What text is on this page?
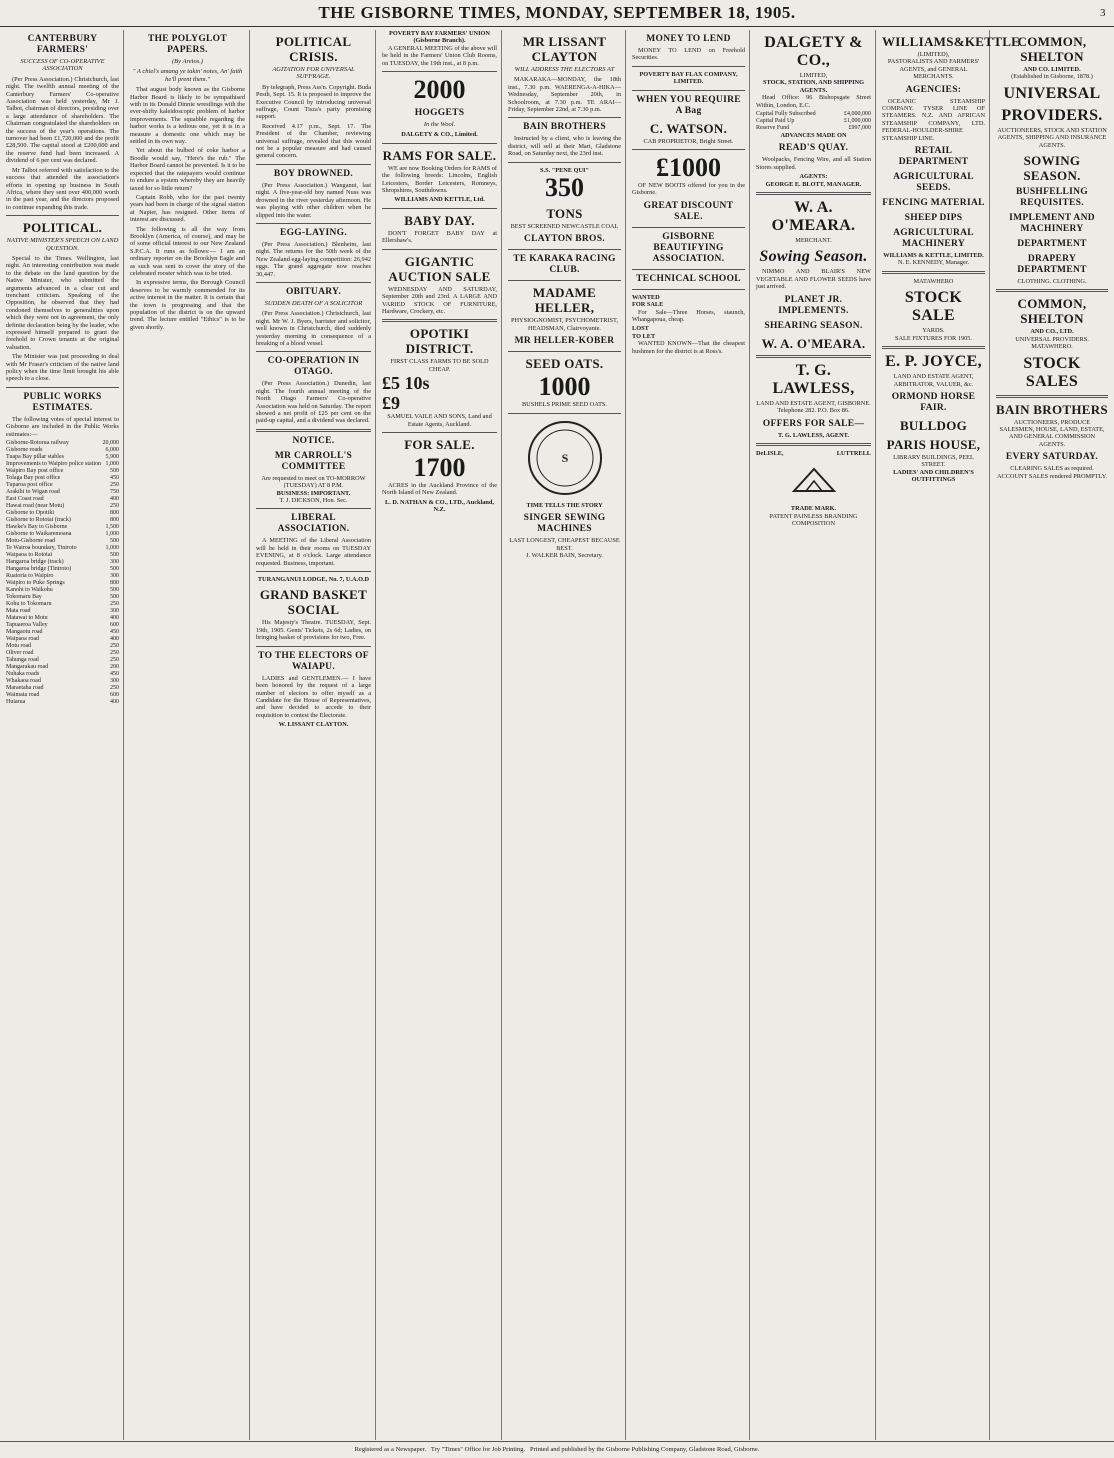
THE GISBORNE TIMES, MONDAY, SEPTEMBER 18, 1905.	3
CANTERBURY FARMERS'
SUCCESS OF CO-OPERATIVE ASSOCIATION

(Per Press Association.) Christchurch, last night. The twelfth annual meeting of the Canterbury Farmers' Co-operative Association was held yesterday, Mr J. Talbot, chairman of directors, presiding over a large attendance of shareholders. The Chairman congratulated the shareholders on the success of the year's operations. The turnover had been £1,720,000 and the profit £28,500. The capital stood at £200,000 and the reserve fund had been increased. A dividend of 6 per cent was declared.

Mr Talbot referred with satisfaction to the success that attended the association's efforts in opening up business in South Africa, where they sent over 400,000 worth in the past year, and the directors proposed to continue expanding this trade.

POLITICAL.
NATIVE MINISTER'S SPEECH ON LAND QUESTION.

Special to the Times. Wellington, last night. An interesting contribution was made to the debate on the land question by the Native Minister, who submitted the arguments advanced in a clear cut and trenchant criticism. Speaking of the Opposition, he observed that they had condoned themselves to generalities upon which they were not in agreement, the only definite declaration being by the leader, who expressed himself prepared to grant the freehold to Crown tenants at the original valuation.

The Minister was just proceeding to deal with Mr Fraser's criticism of the native land policy when the time limit brought his able speech to a close.

PUBLIC WORKS ESTIMATES.

The following votes of special interest to Gisborne are included in the Public Works estimates:—

Gisborne-Rotorua railway	20,000
Gisborne roads	6,000
Tuapa Bay pillar stables	5,900
Improvements to Waipiro police station	1,000
Waipiro Bay post office	500
Tolaga Bay post office	450
Tuparoa post office	250
Arakihi to Wigan road	750
East Coast road	400
Hawai road (near Motu)	250
Gisborne to Opotiki	800
Gisborne to Rototai (track)	800
Hawke's Bay to Gisborne	1,500
Gisborne to Waikaremoana	1,000
Motu-Gisborne road	500
Te Wairoa boundary, Tiniroto	1,000
Waipaoa to Rototai	500
Hangaroa bridge (track)	300
Hangaroa bridge (Tiniroto)	500
Ruatoria to Waipiro	300
Waipiro to Puke Springs	800
Kanohi to Waikohu	500
Tokomaru Bay	500
Kohu to Tokomaru	250
Mata road	300
Matawai to Motu	400
Tapuaeroa Valley	600
Mangaotu road	450
Waipaoa road	400
Motu road	250
Oliver road	250
Tahunga road	250
Mangarakau road	200
Nuhaka roads	450
Whakaoa road	300
Maraetaha road	250
Waimata road	600
Huiarua	400
THE POLYGLOT PAPERS.
(By Aretos.)
" A chiel's amang ye takin' notes, An' faith he'll prent them."

That august body known as the Gisborne Harbor Board is likely to be sympathised with in its Donald Dinnie wrestlings with the ever-shifty kaleidoscopic problem of harbor improvements. The squabble regarding the harbor works is a tedious one, yet it is in a measure a domestic one which may be settled in its own way.

Yet about the bulbed of coke harbor a Boodle would say, "Here's the rub." The Harbor Board cannot be prevented. Is it to be expected that the ratepayers would continue to endure a system whereby they are heavily taxed for so little return?

Captain Robb, who for the past twenty years had been in charge of the signal station at Napier, has resigned. Other items of interest are discussed.

The following is all the way from Brooklyn (America, of course), and may be of some official interest to our New Zealand S.P.C.A. It runs as follows:— I am an ordinary reporter on the Brooklyn Eagle and as such was sent to cover the story of the celebrated rooster which was to be tried.

In expressive terms, the Borough Council deserves to be warmly commended for its active interest in the matter. It is certain that the town is progressing and that the population of the district is on the upward trend. The lecture entitled "Ethics" is to be given shortly.

POLITICAL CRISIS.
AGITATION FOR UNIVERSAL SUFFRAGE.

By telegraph, Press Ass'n. Copyright. Buda Pesth, Sept. 15. It is proposed to improve the Executive Council by introducing universal suffrage, Count Tisza's party promising support.

Received 4.17 p.m., Sept. 17. The President of the Chamber, reviewing universal suffrage, revealed that this would not be a popular measure and had caused general concern.

BOY DROWNED.

(Per Press Association.) Wanganui, last night. A five-year-old boy named Nuss was drowned in the river yesterday afternoon. He was playing with other children when he slipped into the water.

EGG-LAYING.

(Per Press Association.) Blenheim, last night. The returns for the 50th week of the New Zealand egg-laying competition: 26,942 eggs. The grand aggregate now reaches 30,447.

OBITUARY.
SUDDEN DEATH OF A SOLICITOR

(Per Press Association.) Christchurch, last night. Mr W. J. Byers, barrister and solicitor, well known in Christchurch, died suddenly yesterday morning in consequence of a breaking of a blood vessel.

CO-OPERATION IN OTAGO.

(Per Press Association.) Dunedin, last night. The fourth annual meeting of the North Otago Farmers' Co-operative Association was held on Saturday. The report showed a net profit of £25 per cent on the paid-up capital, and a dividend was declared.

NOTICE.
MR CARROLL'S COMMITTEE
Are requested to meet on TO-MORROW (TUESDAY) AT 8 P.M.
BUSINESS: IMPORTANT.
T. J. DICKSON, Hon. Sec.
LIBERAL ASSOCIATION.

A MEETING of the Liberal Association will be held in their rooms on TUESDAY EVENING, at 8 o'clock. Large attendance requested. Business, important.

TURANGANUI LODGE, No. 7, U.A.O.D
GRAND BASKET SOCIAL

His Majesty's Theatre. TUESDAY, Sept. 19th, 1905. Gents' Tickets, 2s 6d; Ladies, on bringing basket of provisions for two, Free.

TO THE ELECTORS OF WAIAPU.

LADIES and GENTLEMEN.— I have been honored by the request of a large number of electors to offer myself as a Candidate for the House of Representatives, and have decided to accede to their requisition to contest the Electorate.

W. LISSANT CLAYTON.
POVERTY BAY FARMERS' UNION (Gisborne Branch).

A GENERAL MEETING of the above will be held in the Farmers' Union Club Rooms, on TUESDAY, the 19th inst., at 8 p.m.

2000
HOGGETS
In the Wool.
DALGETY & CO., Limited.
RAMS FOR SALE.

WE are now Booking Orders for RAMS of the following breeds: Lincolns, English Leicesters, Border Leicesters, Romneys, Shropshires, Southdowns.

WILLIAMS AND KETTLE, Ltd.
BABY DAY.

DON'T FORGET BABY DAY at Ellershaw's.

GIGANTIC AUCTION SALE

WEDNESDAY AND SATURDAY, September 20th and 23rd. A LARGE AND VARIED STOCK OF FURNITURE, Hardware, Crockery, etc.

OPOTIKI DISTRICT.
FIRST CLASS FARMS TO BE SOLD CHEAP.
£5 10s
£9
SAMUEL VAILE AND SONS, Land and Estate Agents, Auckland.
FOR SALE.
1700

ACRES in the Auckland Province of the North Island of New Zealand.

L. D. NATHAN & CO., LTD., Auckland, N.Z.
MR LISSANT CLAYTON
WILL ADDRESS THE ELECTORS AT

MAKARAKA—MONDAY, the 18th inst., 7.30 p.m. WAERENGA-A-HIKA—Wednesday, September 20th, in Schoolroom, at 7.30 p.m. TE ARAI—Friday, September 22nd, at 7.30 p.m.

BAIN BROTHERS

Instructed by a client, who is leaving the district, will sell at their Mart, Gladstone Road, on Saturday next, the 23rd inst.

S.S. "PENE QUI"
350
TONS
BEST SCREENED NEWCASTLE COAL
CLAYTON BROS.
TE KARAKA RACING CLUB.
MADAME HELLER,
PHYSIOGNOMIST, PSYCHOMETRIST, HEADSMAN, Clairvoyante.
MR HELLER-KOBER
SEED OATS.
1000
BUSHELS PRIME SEED OATS.
S
TIME TELLS THE STORY
SINGER SEWING MACHINES
LAST LONGEST, CHEAPEST BECAUSE BEST.
J. WALKER BAIN, Secretary.
MONEY TO LEND

MONEY TO LEND on Freehold Securities.

POVERTY BAY FLAX COMPANY, LIMITED.
WHEN YOU REQUIRE A Bag
C. WATSON.
CAB PROPRIETOR, Bright Street.
£1000

OF NEW BOOTS offered for you in the Gisborne.

GREAT DISCOUNT SALE.
GISBORNE BEAUTIFYING ASSOCIATION.
TECHNICAL SCHOOL
WANTED
FOR SALE

For Sale—Three Horses, staunch, Whangapoua, cheap.

LOST
TO LET

WANTED KNOWN—That the cheapest bushmen for the district is at Ross's.

DALGETY & CO.,
LIMITED,
STOCK, STATION, AND SHIPPING AGENTS.

Head Office: 96 Bishopsgate Street Within, London, E.C.

Capital Fully Subscribed	£4,000,000
Capital Paid Up	£1,000,000
Reserve Fund	£997,000
ADVANCES MADE ON
READ'S QUAY.

Woolpacks, Fencing Wire, and all Station Stores supplied.

AGENTS:
GEORGE E. BLOTT, MANAGER.
W. A. O'MEARA.
MERCHANT.
Sowing Season.

NIMMO AND BLAIR'S NEW VEGETABLE AND FLOWER SEEDS have just arrived.

PLANET JR. IMPLEMENTS.
SHEARING SEASON.
W. A. O'MEARA.
T. G. LAWLESS,
LAND AND ESTATE AGENT, GISBORNE.
Telephone 282. P.O. Box 86.
OFFERS FOR SALE—
T. G. LAWLESS, AGENT.
DeLISLE,	LUTTRELL
TRADE MARK.
PATENT PAINLESS BRANDING COMPOSITION
WILLIAMS&KETTLE
(LIMITED),
PASTORALISTS AND FARMERS' AGENTS, and GENERAL MERCHANTS.
AGENCIES:

OCEANIC STEAMSHIP COMPANY. TYSER LINE OF STEAMERS. N.Z. AND AFRICAN STEAMSHIP COMPANY, LTD. FEDERAL-HOULDER-SHIRE STEAMSHIP LINE.

RETAIL DEPARTMENT
AGRICULTURAL SEEDS.
FENCING MATERIAL
SHEEP DIPS
AGRICULTURAL MACHINERY
WILLIAMS & KETTLE, LIMITED.
N. E. KENNEDY, Manager.
MATAWHERO
STOCK SALE
YARDS.
SALE FIXTURES FOR 1905.
E. P. JOYCE,
LAND AND ESTATE AGENT, ARBITRATOR, VALUER, &c.
ORMOND HORSE FAIR.
BULLDOG
PARIS HOUSE,
LIBRARY BUILDINGS, PEEL STREET.
LADIES' AND CHILDREN'S OUTFITTINGS
COMMON, SHELTON
AND CO. LIMITED.
(Established in Gisborne, 1878.)
UNIVERSAL
PROVIDERS.
AUCTIONEERS, STOCK AND STATION AGENTS, SHIPPING AND INSURANCE AGENTS.
SOWING SEASON.
BUSHFELLING REQUISITES.
IMPLEMENT AND MACHINERY
DEPARTMENT
DRAPERY DEPARTMENT
CLOTHING. CLOTHING.
COMMON, SHELTON
AND CO., LTD.
UNIVERSAL PROVIDERS.
MATAWHERO.
STOCK SALES
BAIN BROTHERS
AUCTIONEERS, PRODUCE SALESMEN, HOUSE, LAND, ESTATE, AND GENERAL COMMISSION AGENTS.
EVERY SATURDAY.
CLEARING SALES as required.
ACCOUNT SALES rendered PROMPTLY.
Registered as a Newspaper. Try "Times" Office for Job Printing. Printed and published by the Gisborne Publishing Company, Gladstone Road, Gisborne.
